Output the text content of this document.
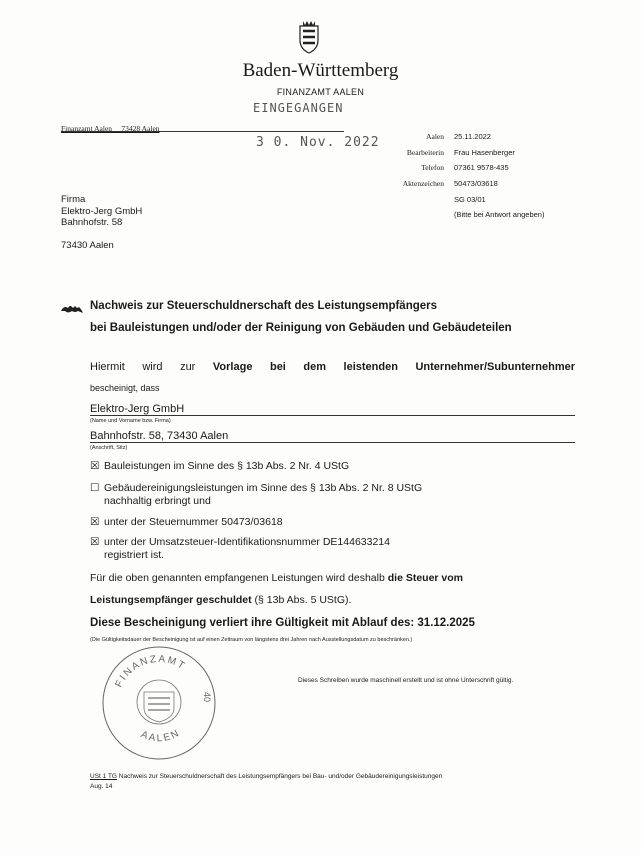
Baden-Württemberg
FINANZAMT AALEN
EINGEGANGEN
3 0. Nov. 2022
Finanzamt Aalen     73428 Aalen
Aalen 25.11.2022
Bearbeiterin Frau Hasenberger
Telefon 07361 9578-435
Aktenzeichen 50473/03618
SG 03/01
(Bitte bei Antwort angeben)
Firma
Elektro-Jerg GmbH
Bahnhofstr. 58
73430 Aalen
Nachweis zur Steuerschuldnerschaft des Leistungsempfängers
bei Bauleistungen und/oder der Reinigung von Gebäuden und Gebäudeteilen
Hiermit wird zur Vorlage bei dem leistenden Unternehmer/Subunternehmer
bescheinigt, dass
Elektro-Jerg GmbH
(Name und Vorname bzw. Firma)
Bahnhofstr. 58, 73430 Aalen
(Anschrift, Sitz)
☒ Bauleistungen im Sinne des § 13b Abs. 2 Nr. 4 UStG
☐ Gebäudereinigungsleistungen im Sinne des § 13b Abs. 2 Nr. 8 UStG
nachhaltig erbringt und
☒ unter der Steuernummer 50473/03618
☒ unter der Umsatzsteuer-Identifikationsnummer DE144633214
registriert ist.
Für die oben genannten empfangenen Leistungen wird deshalb die Steuer vom
Leistungsempfänger geschuldet (§ 13b Abs. 5 UStG).
Diese Bescheinigung verliert ihre Gültigkeit mit Ablauf des: 31.12.2025
(Die Gültigkeitsdauer der Bescheinigung ist auf einen Zeitraum von längstens drei Jahren nach Ausstellungsdatum zu beschränken.)
FINANZAMT
AALEN
40
Dieses Schreiben wurde maschinell erstellt und ist ohne Unterschrift gültig.
USt 1 TG Nachweis zur Steuerschuldnerschaft des Leistungsempfängers bei Bau- und/oder Gebäudereinigungsleistungen
Aug. 14
